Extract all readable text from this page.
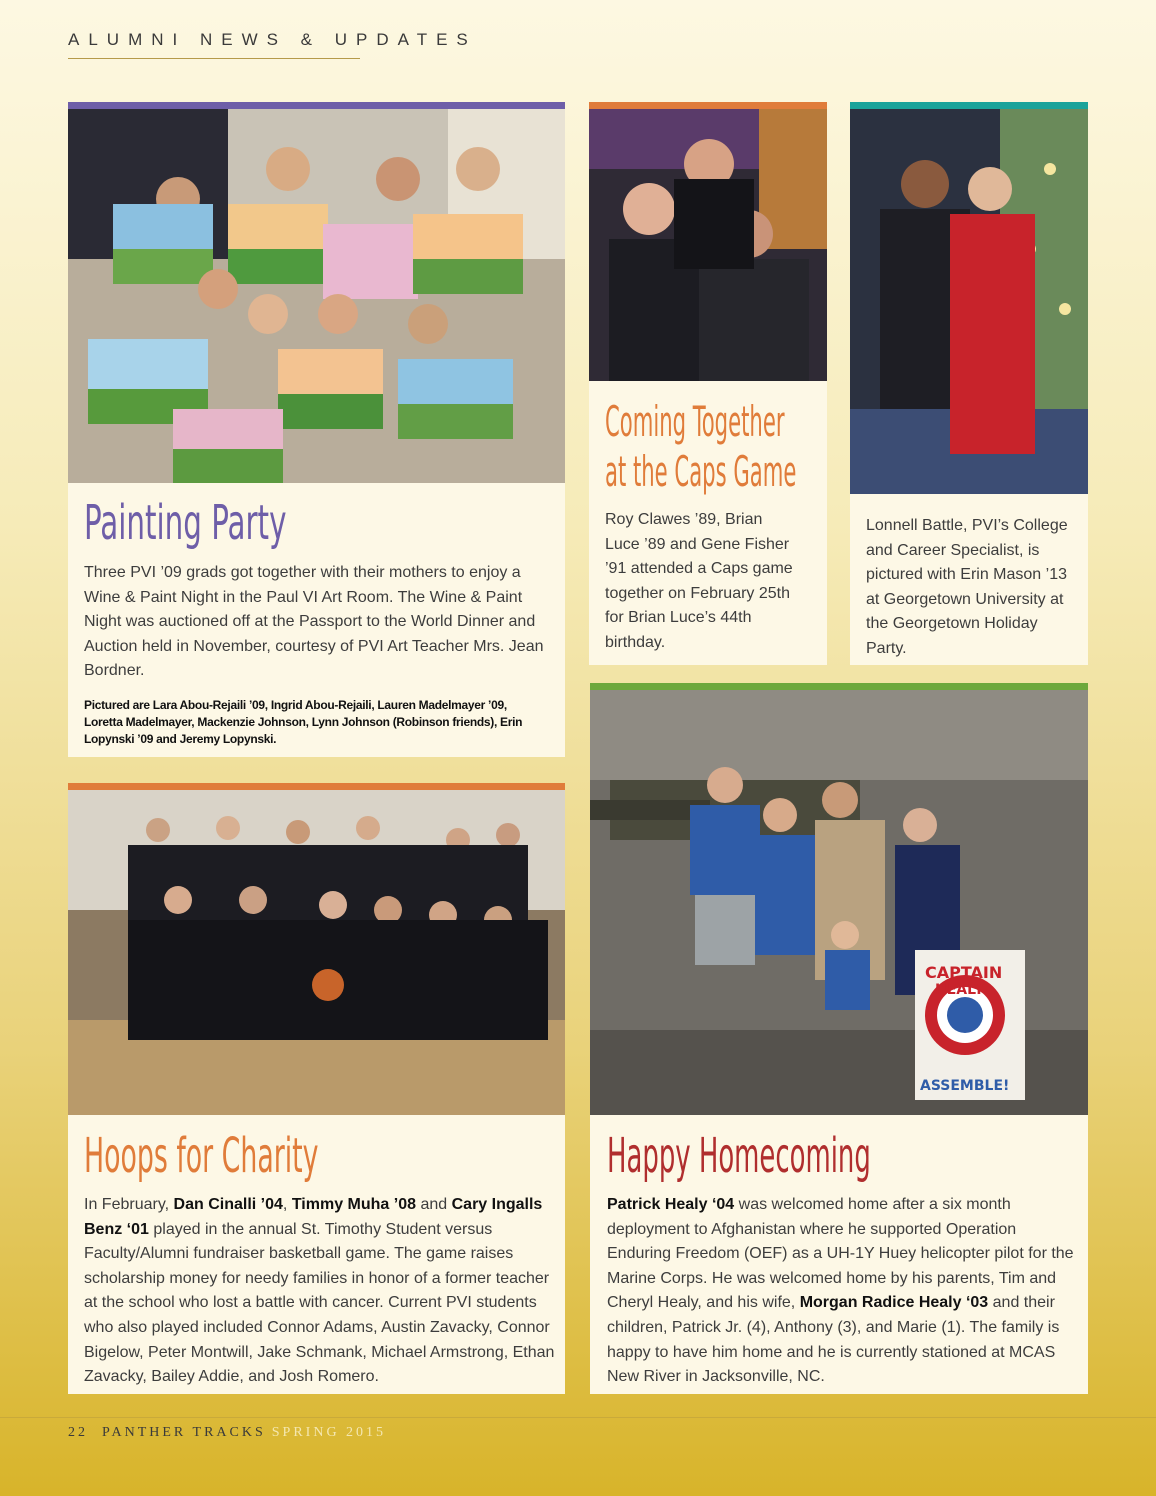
ALUMNI NEWS & UPDATES
Painting Party
Three PVI ’09 grads got together with their mothers to enjoy a Wine & Paint Night in the Paul VI Art Room. The Wine & Paint Night was auctioned off at the Passport to the World Dinner and Auction held in November, courtesy of PVI Art Teacher Mrs. Jean Bordner.
Pictured are Lara Abou-Rejaili ’09, Ingrid Abou-Rejaili, Lauren Madelmayer ’09, Loretta Madelmayer, Mackenzie Johnson, Lynn Johnson (Robinson friends), Erin Lopynski ’09 and Jeremy Lopynski.
Coming Together
at the Caps Game
Roy Clawes ’89, Brian Luce ’89 and Gene Fisher ’91 attended a Caps game together on February 25th for Brian Luce’s 44th birthday.
Lonnell Battle, PVI’s College and Career Specialist, is pictured with Erin Mason ’13 at Georgetown University at the Georgetown Holiday Party.
Hoops for Charity
In February, Dan Cinalli ’04, Timmy Muha ’08 and Cary Ingalls Benz ‘01 played in the annual St. Timothy Student versus Faculty/Alumni fundraiser basketball game. The game raises scholarship money for needy families in honor of a former teacher at the school who lost a battle with cancer. Current PVI students who also played included Connor Adams, Austin Zavacky, Connor Bigelow, Peter Montwill, Jake Schmank, Michael Armstrong, Ethan Zavacky, Bailey Addie, and Josh Romero.
CAPTAIN
HEALY
ASSEMBLE!
Happy Homecoming
Patrick Healy ‘04 was welcomed home after a six month deployment to Afghanistan where he supported Operation Enduring Freedom (OEF) as a UH-1Y Huey helicopter pilot for the Marine Corps. He was welcomed home by his parents, Tim and Cheryl Healy, and his wife, Morgan Radice Healy ‘03 and their children, Patrick Jr. (4), Anthony (3), and Marie (1). The family is happy to have him home and he is currently stationed at MCAS New River in Jacksonville, NC.
22 PANTHER TRACKS SPRING 2015
